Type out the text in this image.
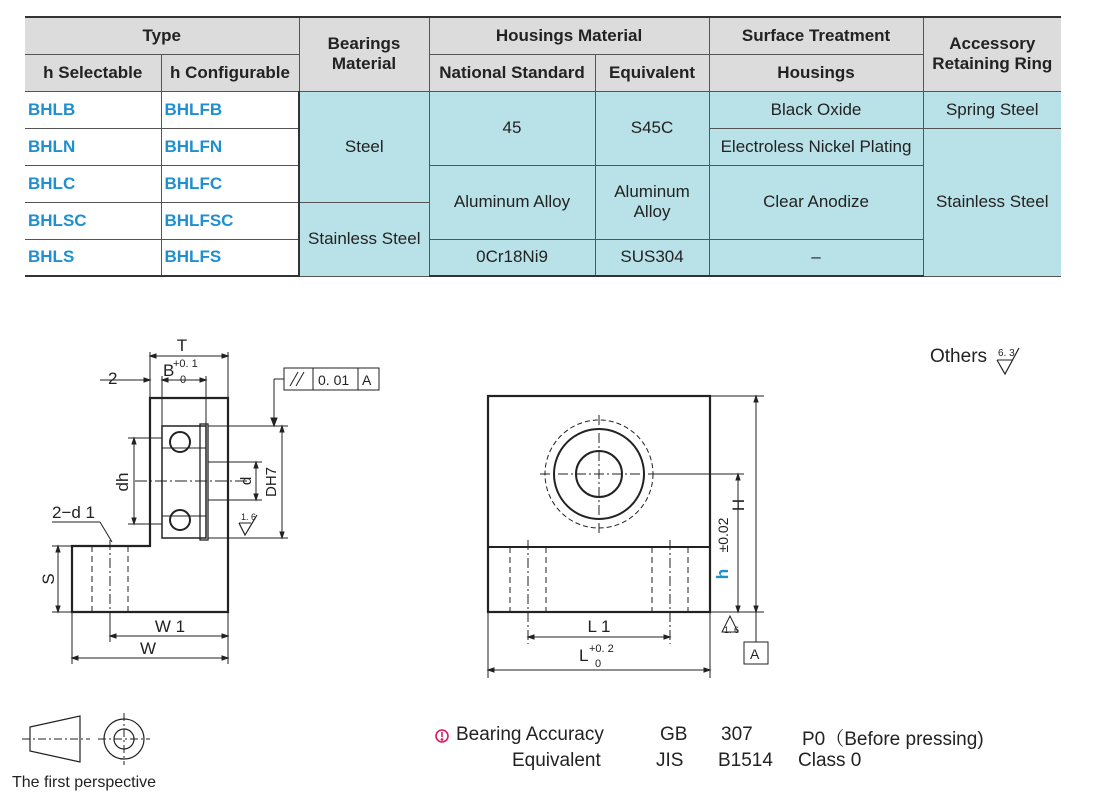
Type		Bearings Material	Housings Material		Surface Treatment	Accessory Retaining Ring
h Selectable	h Configurable		National Standard	Equivalent	Housings	
BHLB	BHLFB	Steel	45	S45C	Black Oxide	Spring Steel
BHLN	BHLFN				Electroless Nickel Plating	Stainless Steel
BHLC	BHLFC		Aluminum Alloy	Aluminum Alloy	Clear Anodize	
BHLSC	BHLFSC	Stainless Steel				
BHLS	BHLFS		0Cr18Ni9	SUS304	–	
T
B
+0. 1
0
2
dh	d DH7
2−d 1
S
W 1
W
1. 6
0. 01 A
H
h
±0.02
L 1
L +0. 2
0
1. 6
A
6. 3
Others
Bearing Accuracy	GB 307	P0（Before pressing)
Equivalent	JIS B1514 Class 0
The first perspective
